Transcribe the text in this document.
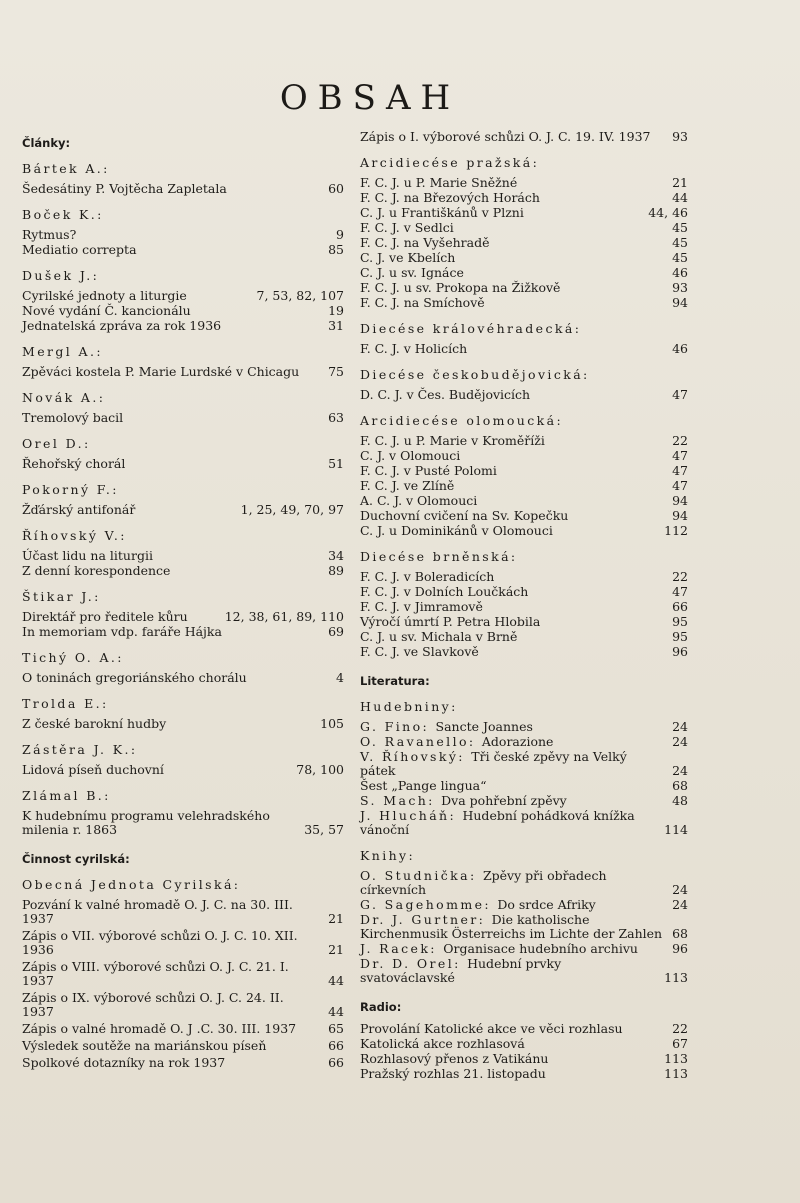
OBSAH
Články:
Bártek A.:
Šedesátiny P. Vojtěcha Zapletala	60
Boček K.:
Rytmus?	9
Mediatio correpta	85
Dušek J.:
Cyrilské jednoty a liturgie	7, 53, 82, 107
Nové vydání Č. kancionálu	19
Jednatelská zpráva za rok 1936	31
Mergl A.:
Zpěváci kostela P. Marie Lurdské v Chicagu	75
Novák A.:
Tremolový bacil	63
Orel D.:
Řehořský chorál	51
Pokorný F.:
Žďárský antifonář	1, 25, 49, 70, 97
Říhovský V.:
Účast lidu na liturgii	34
Z denní korespondence	89
Štikar J.:
Direktář pro ředitele kůru	12, 38, 61, 89, 110
In memoriam vdp. faráře Hájka	69
Tichý O. A.:
O toninách gregoriánského chorálu	4
Trolda E.:
Z české barokní hudby	105
Zástěra J. K.:
Lidová píseň duchovní	78, 100
Zlámal B.:
K hudebnímu programu velehradského milenia r. 1863	35, 57
Činnost cyrilská:
Obecná Jednota Cyrilská:
Pozvání k valné hromadě O. J. C. na 30. III. 1937	21
Zápis o VII. výborové schůzi O. J. C. 10. XII. 1936	21
Zápis o VIII. výborové schůzi O. J. C. 21. I. 1937	44
Zápis o IX. výborové schůzi O. J. C. 24. II. 1937	44
Zápis o valné hromadě O. J .C. 30. III. 1937	65
Výsledek soutěže na mariánskou píseň	66
Spolkové dotazníky na rok 1937	66
Zápis o I. výborové schůzi O. J. C. 19. IV. 1937	93
Arcidiecése pražská:
F. C. J. u P. Marie Sněžné	21
F. C. J. na Březových Horách	44
C. J. u Františkánů v Plzni	44, 46
F. C. J. v Sedlci	45
F. C. J. na Vyšehradě	45
C. J. ve Kbelích	45
C. J. u sv. Ignáce	46
F. C. J. u sv. Prokopa na Žižkově	93
F. C. J. na Smíchově	94
Diecése královéhradecká:
F. C. J. v Holicích	46
Diecése českobudějovická:
D. C. J. v Čes. Budějovicích	47
Arcidiecése olomoucká:
F. C. J. u P. Marie v Kroměříži	22
C. J. v Olomouci	47
F. C. J. v Pusté Polomi	47
F. C. J. ve Zlíně	47
A. C. J. v Olomouci	94
Duchovní cvičení na Sv. Kopečku	94
C. J. u Dominikánů v Olomouci	112
Diecése brněnská:
F. C. J. v Boleradicích	22
F. C. J. v Dolních Loučkách	47
F. C. J. v Jimramově	66
Výročí úmrtí P. Petra Hlobila	95
C. J. u sv. Michala v Brně	95
F. C. J. ve Slavkově	96
Literatura:
Hudebniny:
G. Fino: Sancte Joannes	24
O. Ravanello: Adorazione	24
V. Říhovský: Tři české zpěvy na Velký pátek	24
Šest „Pange lingua“	68
S. Mach: Dva pohřební zpěvy	48
J. Hlucháň: Hudební pohádková knížka vánoční	114
Knihy:
O. Studnička: Zpěvy při obřadech církevních	24
G. Sagehomme: Do srdce Afriky	24
Dr. J. Gurtner: Die katholische Kirchenmusik Österreichs im Lichte der Zahlen 68
J. Racek: Organisace hudebního archivu	96
Dr. D. Orel: Hudební prvky svatováclavské	113
Radio:
Provolání Katolické akce ve věci rozhlasu	22
Katolická akce rozhlasová	67
Rozhlasový přenos z Vatikánu	113
Pražský rozhlas 21. listopadu	113
